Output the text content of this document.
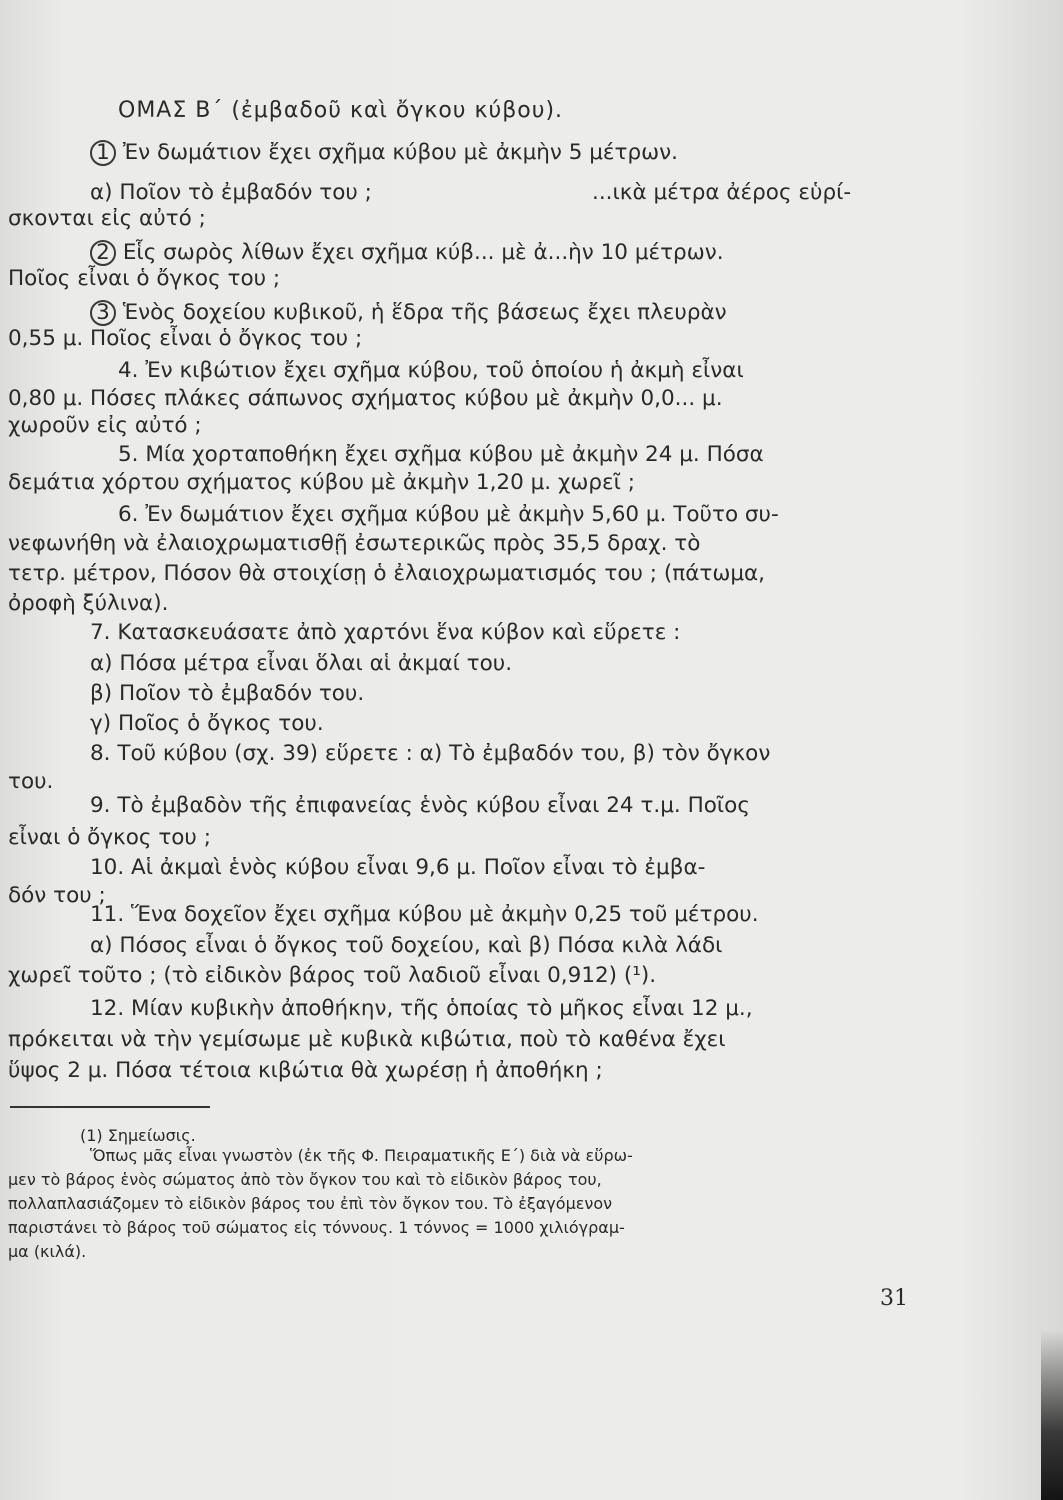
ΟΜΑΣ Β΄ (ἐμβαδοῦ καὶ ὄγκου κύβου).
1 Ἐν δωμάτιον ἔχει σχῆμα κύβου μὲ ἀκμὴν 5 μέτρων.
α) Ποῖον τὸ ἐμβαδόν του ;	...ικὰ μέτρα ἀέρος εὑρί-
σκονται εἰς αὐτό ;
2 Εἷς σωρὸς λίθων ἔχει σχῆμα κύβ... μὲ ἀ...ὴν 10 μέτρων.
Ποῖος εἶναι ὁ ὄγκος του ;
3 Ἑνὸς δοχείου κυβικοῦ, ἡ ἕδρα τῆς βάσεως ἔχει πλευρὰν
0,55 μ. Ποῖος εἶναι ὁ ὄγκος του ;
4. Ἐν κιβώτιον ἔχει σχῆμα κύβου, τοῦ ὁποίου ἡ ἀκμὴ εἶναι
0,80 μ. Πόσες πλάκες σάπωνος σχήματος κύβου μὲ ἀκμὴν 0,0... μ.
χωροῦν εἰς αὐτό ;
5. Μία χορταποθήκη ἔχει σχῆμα κύβου μὲ ἀκμὴν 24 μ. Πόσα
δεμάτια χόρτου σχήματος κύβου μὲ ἀκμὴν 1,20 μ. χωρεῖ ;
6. Ἐν δωμάτιον ἔχει σχῆμα κύβου μὲ ἀκμὴν 5,60 μ. Τοῦτο συ-
νεφωνήθη νὰ ἐλαιοχρωματισθῇ ἐσωτερικῶς πρὸς 35,5 δραχ. τὸ
τετρ. μέτρον, Πόσον θὰ στοιχίσῃ ὁ ἐλαιοχρωματισμός του ; (πάτωμα,
ὀροφὴ ξύλινα).
7. Κατασκευάσατε ἀπὸ χαρτόνι ἕνα κύβον καὶ εὕρετε :
α) Πόσα μέτρα εἶναι ὅλαι αἱ ἀκμαί του.
β) Ποῖον τὸ ἐμβαδόν του.
γ) Ποῖος ὁ ὄγκος του.
8. Τοῦ κύβου (σχ. 39) εὕρετε : α) Τὸ ἐμβαδόν του, β) τὸν ὄγκον
του.
9. Τὸ ἐμβαδὸν τῆς ἐπιφανείας ἑνὸς κύβου εἶναι 24 τ.μ. Ποῖος
εἶναι ὁ ὄγκος του ;
10. Αἱ ἀκμαὶ ἑνὸς κύβου εἶναι 9,6 μ. Ποῖον εἶναι τὸ ἐμβα-
δόν του ;
11. Ἕνα δοχεῖον ἔχει σχῆμα κύβου μὲ ἀκμὴν 0,25 τοῦ μέτρου.
α) Πόσος εἶναι ὁ ὄγκος τοῦ δοχείου, καὶ β) Πόσα κιλὰ λάδι
χωρεῖ τοῦτο ; (τὸ εἰδικὸν βάρος τοῦ λαδιοῦ εἶναι 0,912) (¹).
12. Μίαν κυβικὴν ἀποθήκην, τῆς ὁποίας τὸ μῆκος εἶναι 12 μ.,
πρόκειται νὰ τὴν γεμίσωμε μὲ κυβικὰ κιβώτια, ποὺ τὸ καθένα ἔχει
ὕψος 2 μ. Πόσα τέτοια κιβώτια θὰ χωρέσῃ ἡ ἀποθήκη ;
(1) Σημείωσις.
Ὅπως μᾶς εἶναι γνωστὸν (ἐκ τῆς Φ. Πειραματικῆς Ε΄) διὰ νὰ εὕρω-
μεν τὸ βάρος ἑνὸς σώματος ἀπὸ τὸν ὄγκον του καὶ τὸ εἰδικὸν βάρος του,
πολλαπλασιάζομεν τὸ εἰδικὸν βάρος του ἐπὶ τὸν ὄγκον του. Τὸ ἐξαγόμενον
παριστάνει τὸ βάρος τοῦ σώματος εἰς τόννους. 1 τόννος = 1000 χιλιόγραμ-
μα (κιλά).
31
